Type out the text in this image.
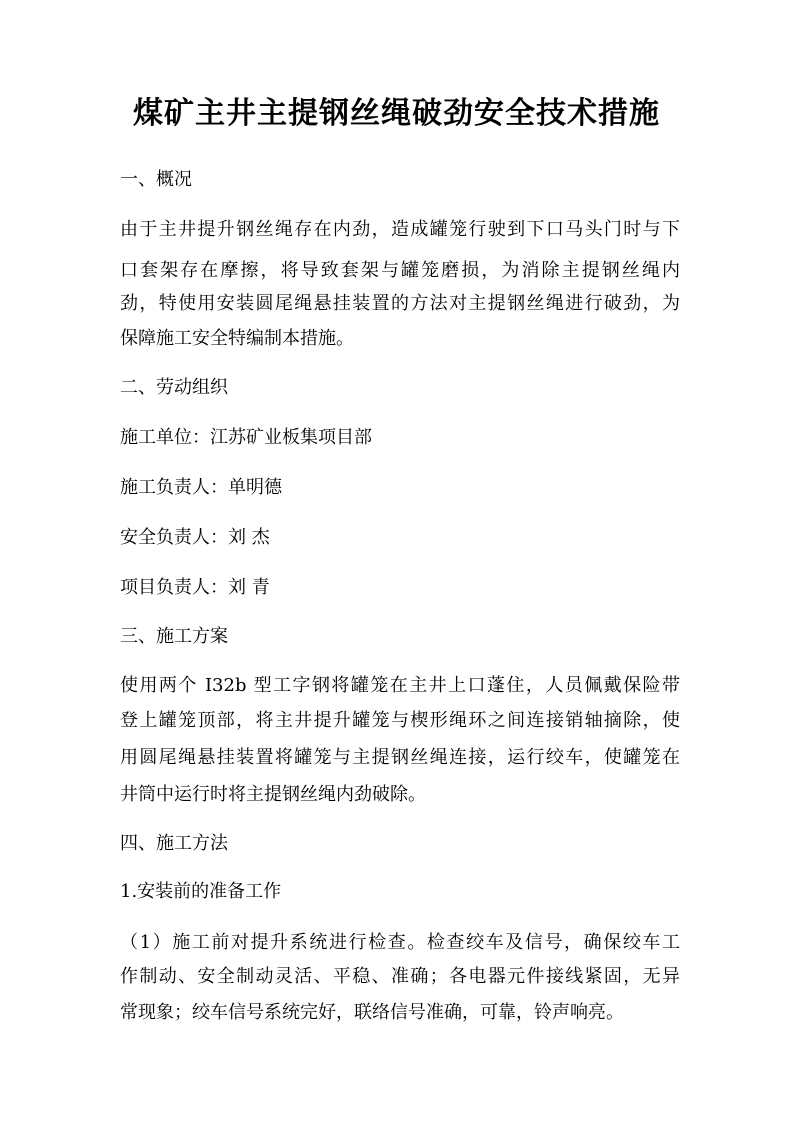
煤矿主井主提钢丝绳破劲安全技术措施
一、概况
由于主井提升钢丝绳存在内劲，造成罐笼行驶到下口马头门时与下
口套架存在摩擦，将导致套架与罐笼磨损，为消除主提钢丝绳内
劲，特使用安装圆尾绳悬挂装置的方法对主提钢丝绳进行破劲，为
保障施工安全特编制本措施。
二、劳动组织
施工单位：江苏矿业板集项目部
施工负责人：单明德
安全负责人：刘 杰
项目负责人：刘 青
三、施工方案
使用两个 I32b 型工字钢将罐笼在主井上口蓬住，人员佩戴保险带
登上罐笼顶部，将主井提升罐笼与楔形绳环之间连接销轴摘除，使
用圆尾绳悬挂装置将罐笼与主提钢丝绳连接，运行绞车，使罐笼在
井筒中运行时将主提钢丝绳内劲破除。
四、施工方法
1.安装前的准备工作
（1）施工前对提升系统进行检查。检查绞车及信号，确保绞车工
作制动、安全制动灵活、平稳、准确；各电器元件接线紧固，无异
常现象；绞车信号系统完好，联络信号准确，可靠，铃声响亮。
